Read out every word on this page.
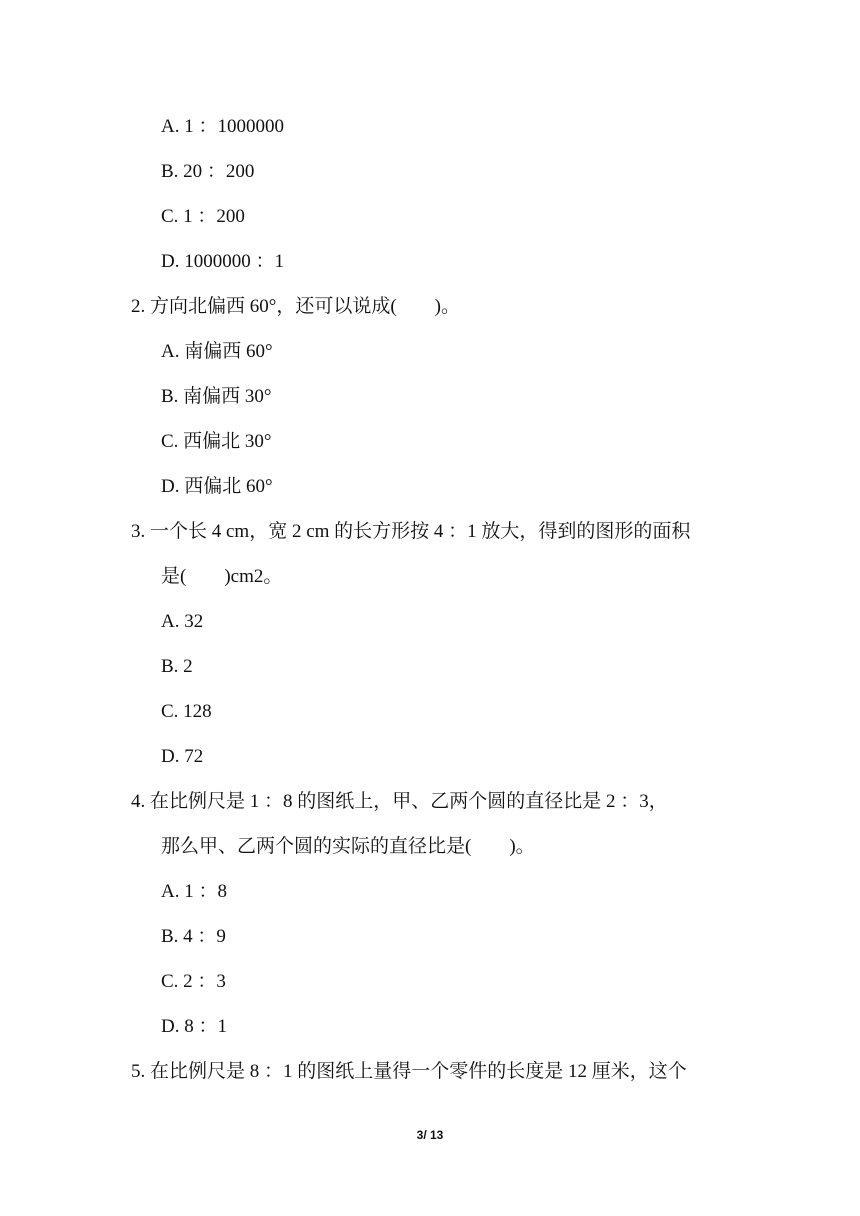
A. 1 ：1000000
B. 20 ：200
C. 1 ：200
D. 1000000 ：1
2. 方向北偏西 60°，还可以说成(　　)。
A. 南偏西 60°
B. 南偏西 30°
C. 西偏北 30°
D. 西偏北 60°
3. 一个长 4 cm，宽 2 cm 的长方形按 4 ：1 放大，得到的图形的面积
是(　　)cm2。
A. 32
B. 2
C. 128
D. 72
4. 在比例尺是 1 ：8 的图纸上，甲、乙两个圆的直径比是 2 ：3，
那么甲、乙两个圆的实际的直径比是(　　)。
A. 1 ：8
B. 4 ：9
C. 2 ：3
D. 8 ：1
5. 在比例尺是 8 ：1 的图纸上量得一个零件的长度是 12 厘米，这个
3/ 13
